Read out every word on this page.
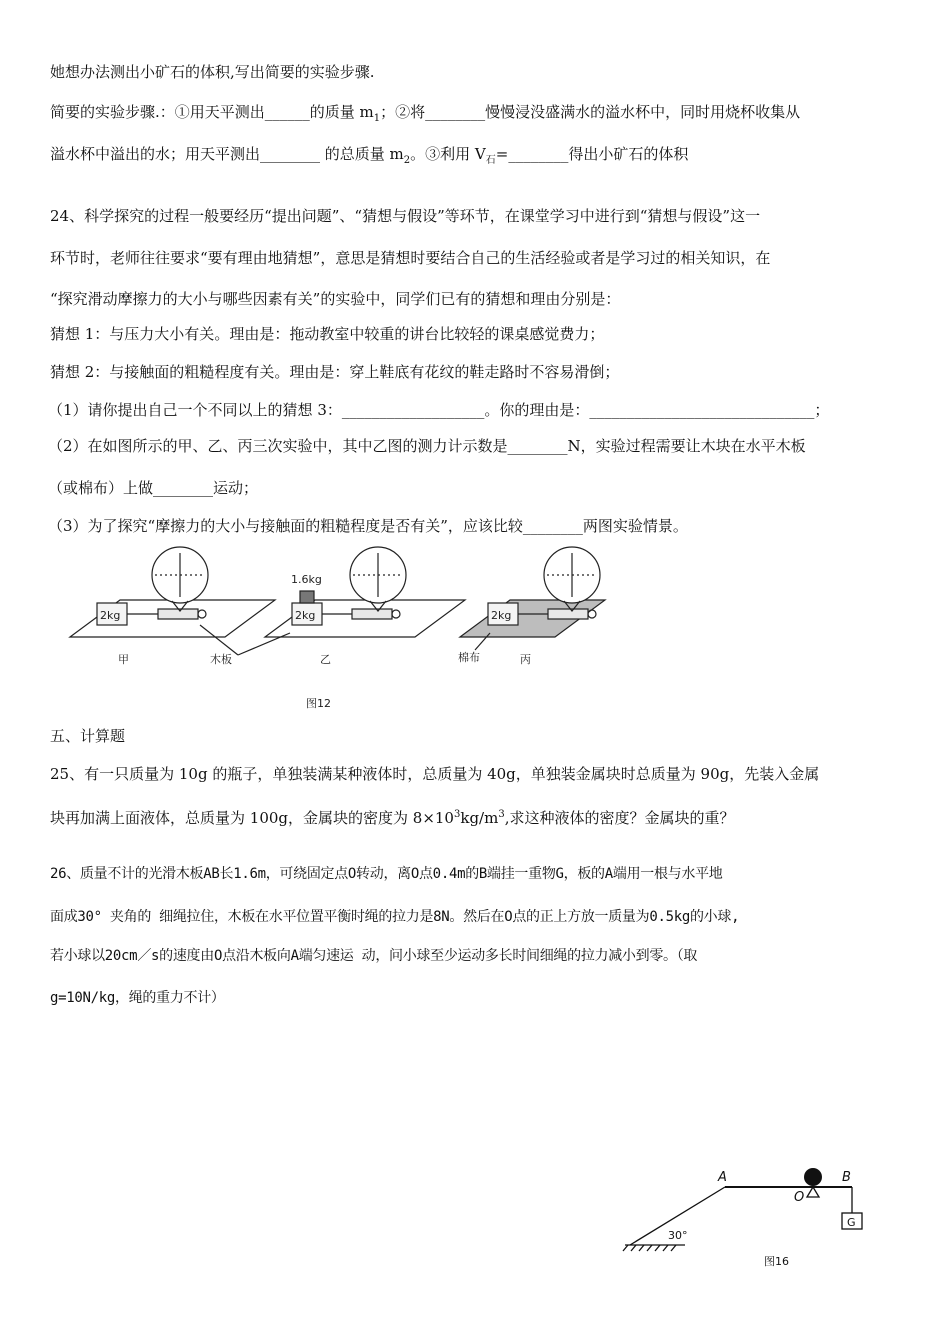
她想办法测出小矿石的体积,写出简要的实验步骤.
简要的实验步骤.：①用天平测出______的质量 $m_1$；②将________慢慢浸没盛满水的溢水杯中，同时用烧杯收集从
溢水杯中溢出的水；用天平测出________ 的总质量 $m_2$。③利用 $V_石=\_\_\_\_\_\_\_\_$得出小矿石的体积
24、科学探究的过程一般要经历“提出问题”、“猜想与假设”等环节，在课堂学习中进行到“猜想与假设”这一
环节时，老师往往要求“要有理由地猜想”，意思是猜想时要结合自己的生活经验或者是学习过的相关知识，在
“探究滑动摩擦力的大小与哪些因素有关”的实验中，同学们已有的猜想和理由分别是：
猜想 1：与压力大小有关。理由是：拖动教室中较重的讲台比较轻的课桌感觉费力；
猜想 2：与接触面的粗糙程度有关。理由是：穿上鞋底有花纹的鞋走路时不容易滑倒；
（1）请你提出自己一个不同以上的猜想 3：___________________。你的理由是：______________________________；
（2）在如图所示的甲、乙、丙三次实验中，其中乙图的测力计示数是________N，实验过程需要让木块在水平木板
（或棉布）上做________运动；
（3）为了探究“摩擦力的大小与接触面的粗糙程度是否有关”，应该比较________两图实验情景。
2kg	2kg	2kg
1.6kg
甲	木板	乙	棉布	丙
图12
五、计算题
25、有一只质量为 10g 的瓶子，单独装满某种液体时，总质量为 40g，单独装金属块时总质量为 90g，先装入金属
块再加满上面液体，总质量为 100g，金属块的密度为 $8\times 10^3kg/m^3$,求这种液体的密度？金属块的重？
26、质量不计的光滑木板AB长1.6m，可绕固定点O转动，离O点0.4m的B端挂一重物G，板的A端用一根与水平地
面成30° 夹角的 细绳拉住，木板在水平位置平衡时绳的拉力是8N。然后在O点的正上方放一质量为0.5kg的小球,
若小球以20cm／s的速度由O点沿木板向A端匀速运 动，问小球至少运动多长时间细绳的拉力减小到零。（取
g=10N/kg，绳的重力不计）
A	B
O
G
30°
图16
